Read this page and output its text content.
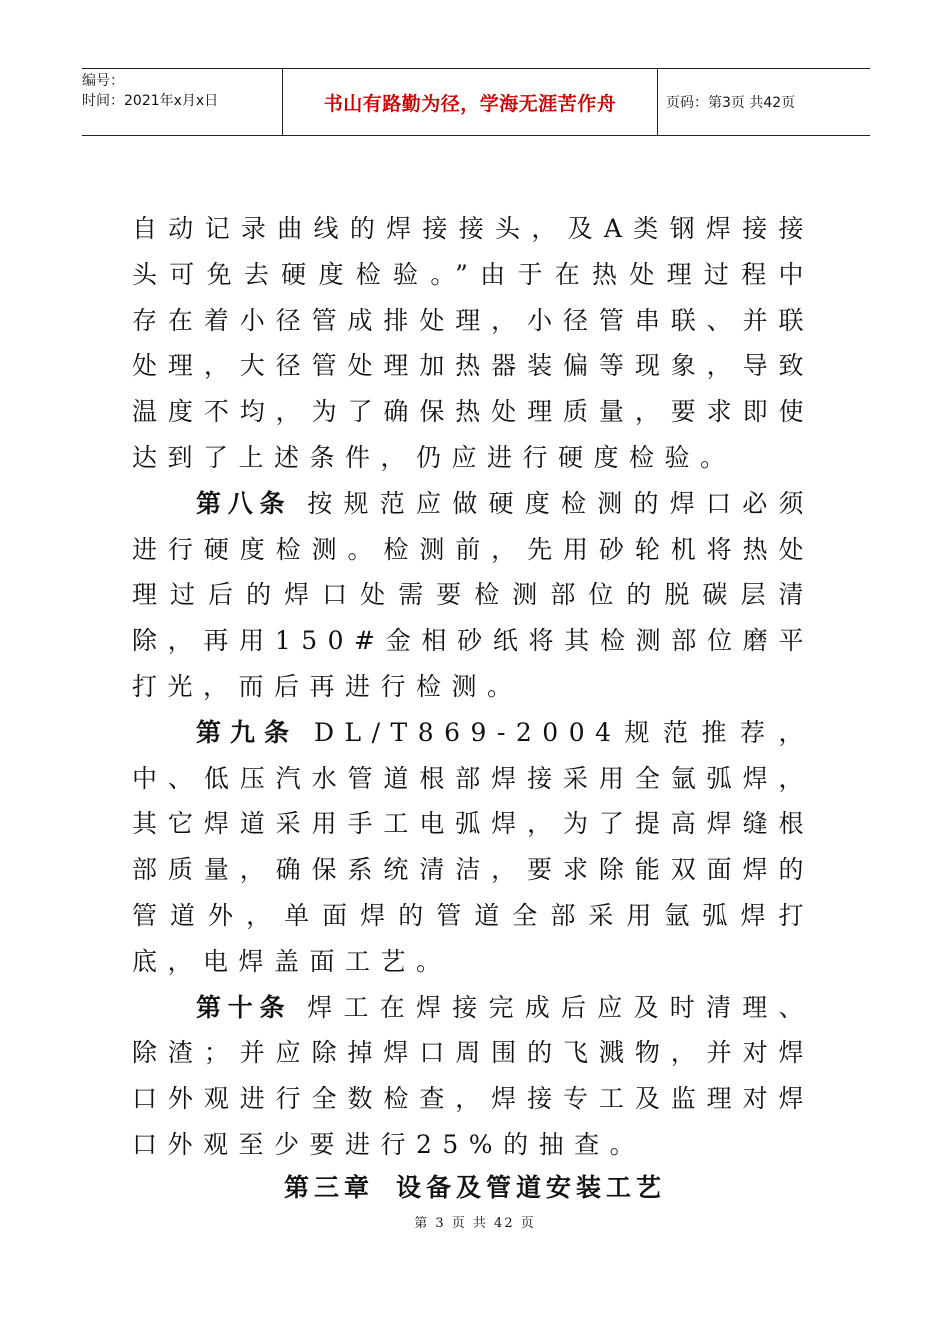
编号：
时间：2021年x月x日	书山有路勤为径，学海无涯苦作舟	页码：第3页 共42页

自动记录曲线的焊接接头，及A类钢焊接接头可免去硬度检验。”由于在热处理过程中存在着小径管成排处理，小径管串联、并联处理，大径管处理加热器装偏等现象，导致温度不均，为了确保热处理质量，要求即使达到了上述条件，仍应进行硬度检验。

第八条 按规范应做硬度检测的焊口必须进行硬度检测。检测前，先用砂轮机将热处理过后的焊口处需要检测部位的脱碳层清除，再用150#金相砂纸将其检测部位磨平打光，而后再进行检测。

第九条 DL/T869-2004规范推荐，中、低压汽水管道根部焊接采用全氩弧焊，其它焊道采用手工电弧焊，为了提高焊缝根部质量，确保系统清洁，要求除能双面焊的管道外，单面焊的管道全部采用氩弧焊打底，电焊盖面工艺。

第十条 焊工在焊接完成后应及时清理、除渣；并应除掉焊口周围的飞溅物，并对焊口外观进行全数检查，焊接专工及监理对焊口外观至少要进行25%的抽查。

第三章 设备及管道安装工艺
第 3 页 共 42 页
